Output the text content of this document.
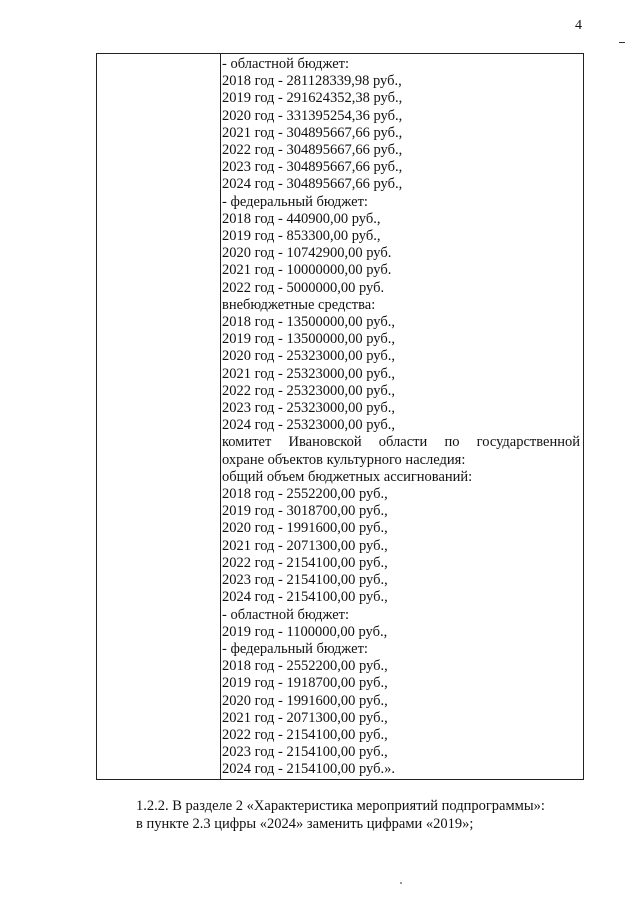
4
- областной бюджет:
2018 год - 281128339,98 руб.,
2019 год - 291624352,38 руб.,
2020 год - 331395254,36 руб.,
2021 год - 304895667,66 руб.,
2022 год - 304895667,66 руб.,
2023 год - 304895667,66 руб.,
2024 год - 304895667,66 руб.,
- федеральный бюджет:
2018 год - 440900,00 руб.,
2019 год - 853300,00 руб.,
2020 год - 10742900,00 руб.
2021 год - 10000000,00 руб.
2022 год - 5000000,00 руб.
внебюджетные средства:
2018 год - 13500000,00 руб.,
2019 год - 13500000,00 руб.,
2020 год - 25323000,00 руб.,
2021 год - 25323000,00 руб.,
2022 год - 25323000,00 руб.,
2023 год - 25323000,00 руб.,
2024 год - 25323000,00 руб.,
комитет Ивановской области по государственной
охране объектов культурного наследия:
общий объем бюджетных ассигнований:
2018 год - 2552200,00 руб.,
2019 год - 3018700,00 руб.,
2020 год - 1991600,00 руб.,
2021 год - 2071300,00 руб.,
2022 год - 2154100,00 руб.,
2023 год - 2154100,00 руб.,
2024 год - 2154100,00 руб.,
- областной бюджет:
2019 год - 1100000,00 руб.,
- федеральный бюджет:
2018 год - 2552200,00 руб.,
2019 год - 1918700,00 руб.,
2020 год - 1991600,00 руб.,
2021 год - 2071300,00 руб.,
2022 год - 2154100,00 руб.,
2023 год - 2154100,00 руб.,
2024 год - 2154100,00 руб.».
1.2.2. В разделе 2 «Характеристика мероприятий подпрограммы»:
в пункте 2.3 цифры «2024» заменить цифрами «2019»;
